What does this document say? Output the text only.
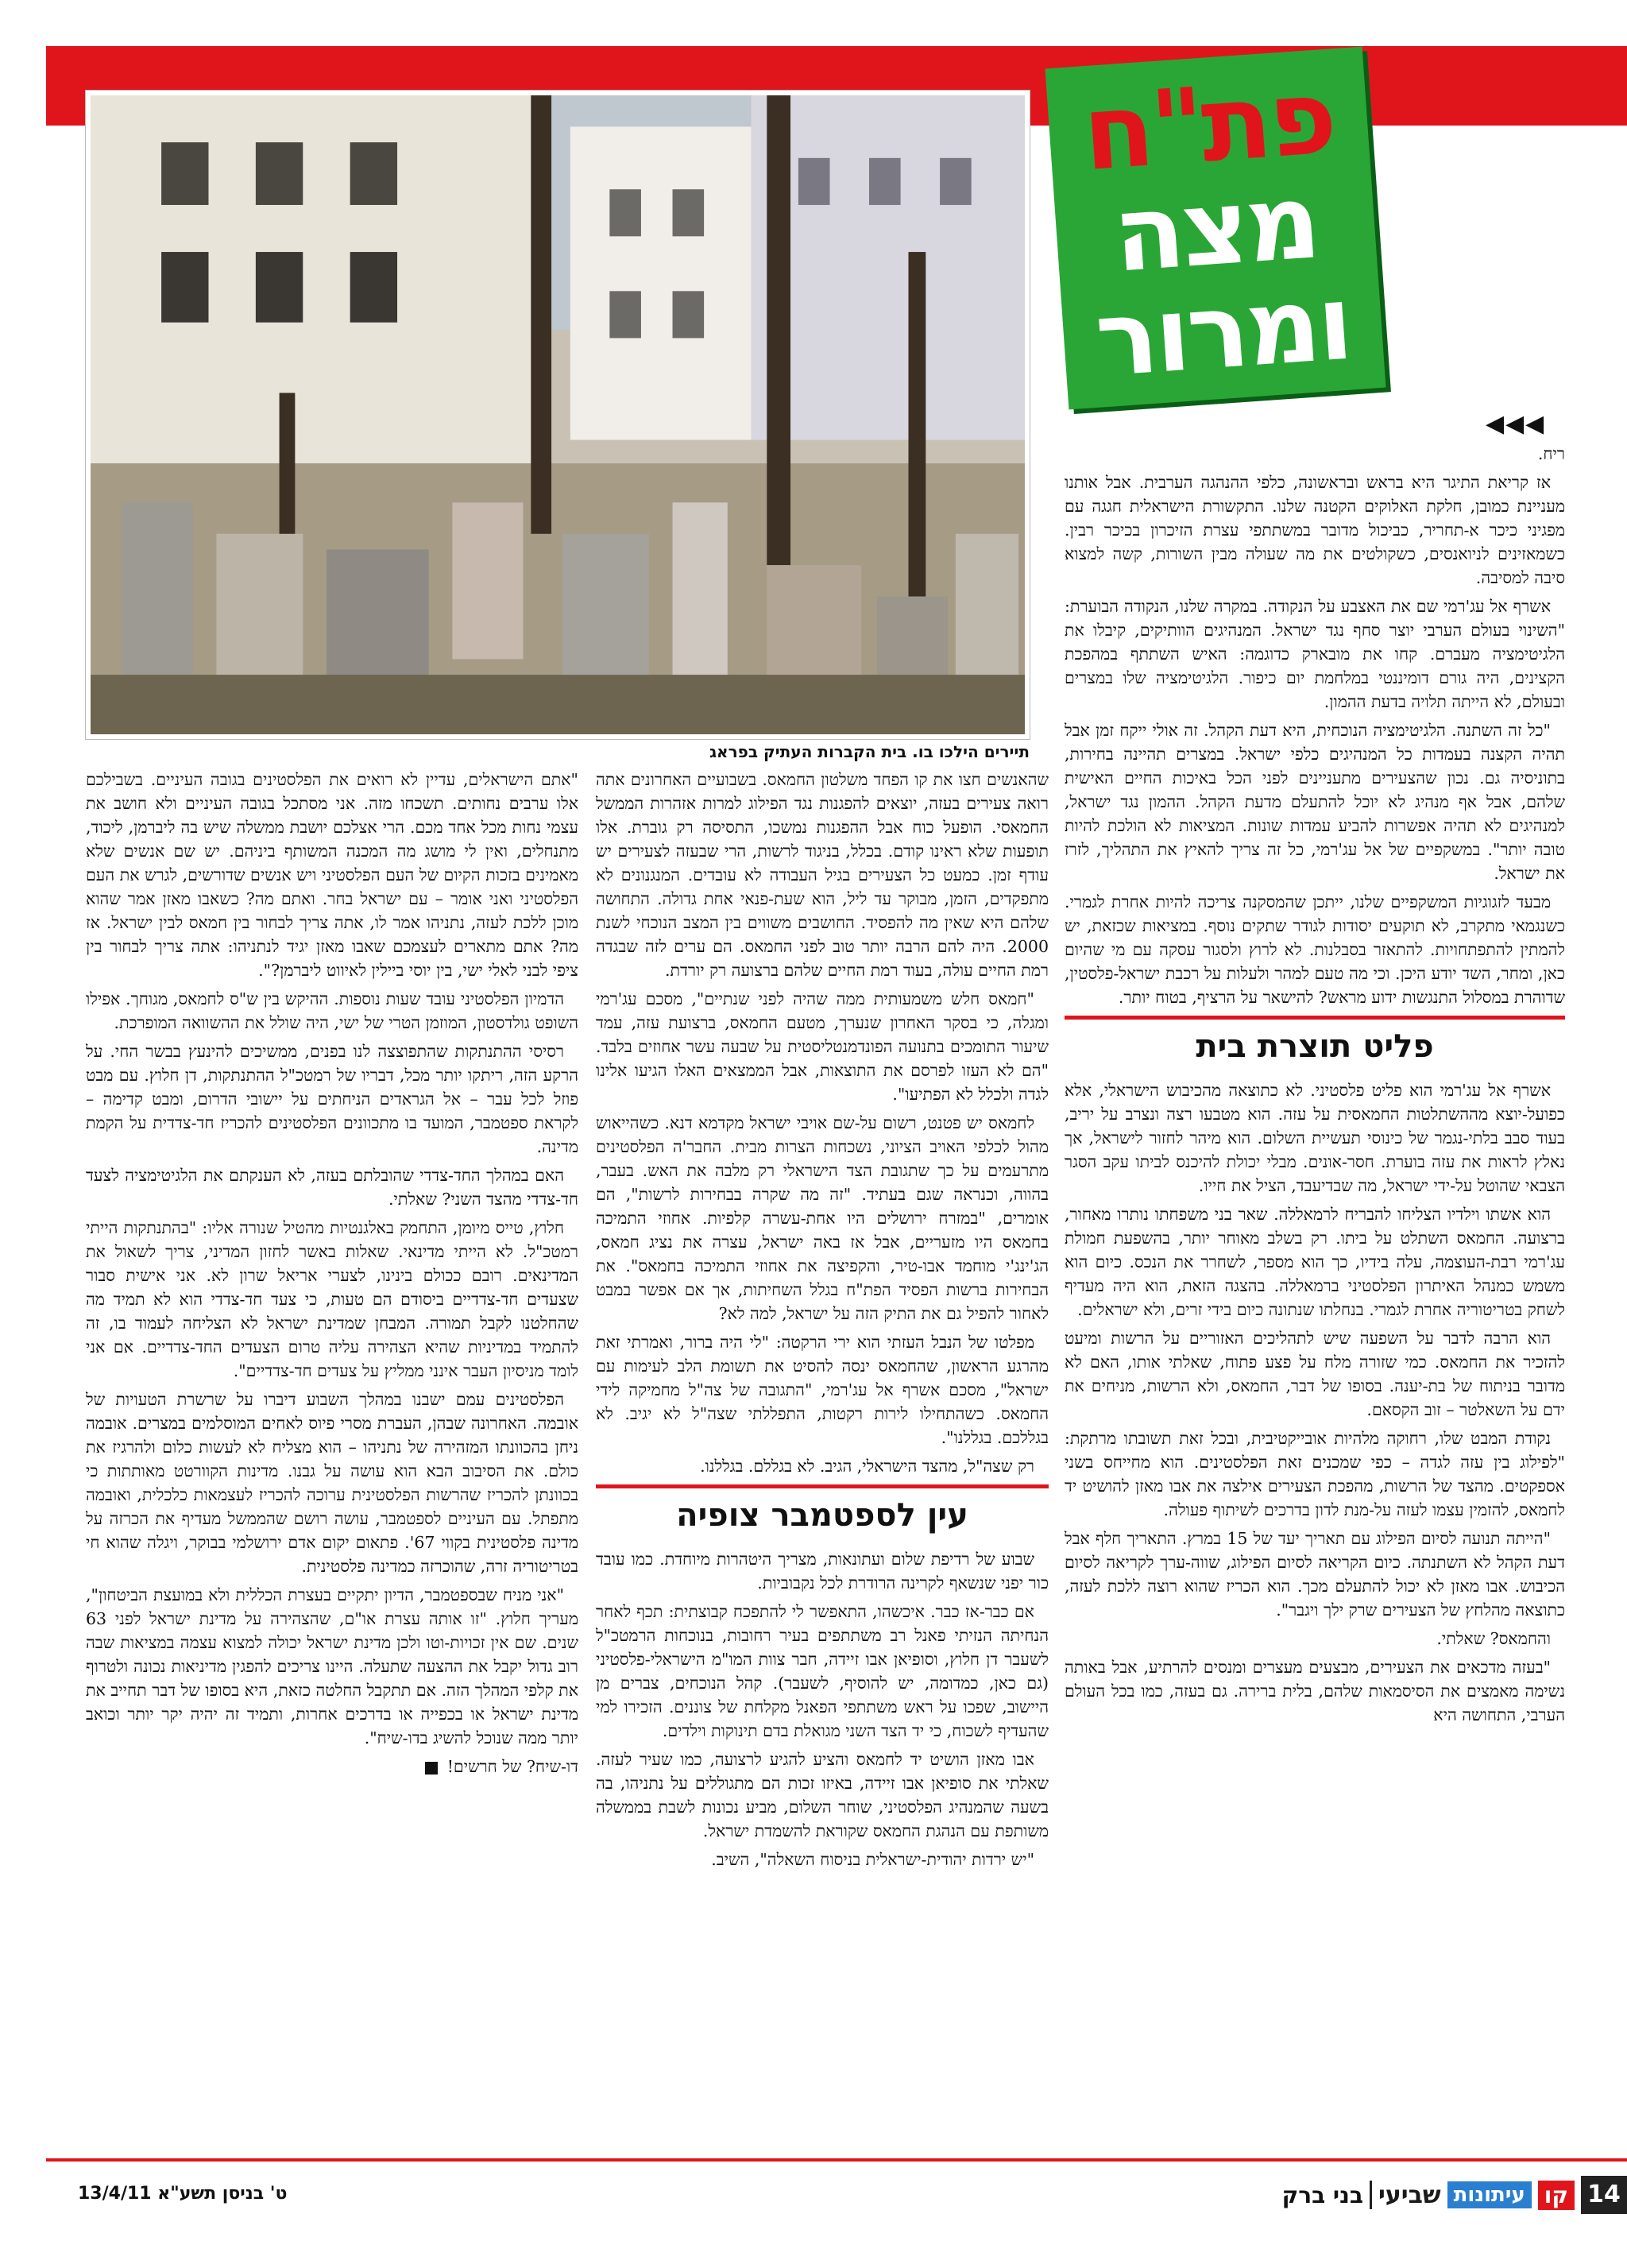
תיירים הילכו בו. בית הקברות העתיק בפראג
פת"ח
מצה
ומרור
◀◀◀

ריח.

אז קריאת התיגר היא בראש ובראשונה, כלפי ההנהגה הערבית. אבל אותנו מעניינת כמובן, חלקת האלוקים הקטנה שלנו. התקשורת הישראלית חגגה עם מפגיני כיכר א-תחריר, כביכול מדובר במשתתפי עצרת הזיכרון בכיכר רבין. כשמאזינים לניואנסים, כשקולטים את מה שעולה מבין השורות, קשה למצוא סיבה למסיבה.

אשרף אל עג'רמי שם את האצבע על הנקודה. במקרה שלנו, הנקודה הבוערת: "השינוי בעולם הערבי יוצר סחף נגד ישראל. המנהיגים הוותיקים, קיבלו את הלגיטימציה מעברם. קחו את מובארק כדוגמה: האיש השתתף במהפכת הקצינים, היה גורם דומיננטי במלחמת יום כיפור. הלגיטימציה שלו במצרים ובעולם, לא הייתה תלויה בדעת ההמון.

"כל זה השתנה. הלגיטימציה הנוכחית, היא דעת הקהל. זה אולי ייקח זמן אבל תהיה הקצנה בעמדות כל המנהיגים כלפי ישראל. במצרים תהיינה בחירות, בתוניסיה גם. נכון שהצעירים מתעניינים לפני הכל באיכות החיים האישית שלהם, אבל אף מנהיג לא יוכל להתעלם מדעת הקהל. ההמון נגד ישראל, למנהיגים לא תהיה אפשרות להביע עמדות שונות. המציאות לא הולכת להיות טובה יותר". במשקפיים של אל עג'רמי, כל זה צריך להאיץ את התהליך, לזרז את ישראל.

מבעד לזגוגיות המשקפיים שלנו, ייתכן שהמסקנה צריכה להיות אחרת לגמרי. כשנגמאי מתקרב, לא תוקעים יסודות לגודר שתקים נוסף. במציאות שכזאת, יש להמתין להתפתחויות. להתאזר בסבלנות. לא לרוץ ולסגור עסקה עם מי שהיום כאן, ומחר, השד יודע היכן. וכי מה טעם למהר ולעלות על רכבת ישראל-פלסטין, שדוהרת במסלול התנגשות ידוע מראש? להישאר על הרציף, בטוח יותר.

פליט תוצרת בית

אשרף אל עג'רמי הוא פליט פלסטיני. לא כתוצאה מהכיבוש הישראלי, אלא כפועל-יוצא מההשתלטות החמאסית על עזה. הוא מטבעו רצה ונצרב על יריב, בעוד סבב בלתי-נגמר של כינוסי תעשיית השלום. הוא מיהר לחזור לישראל, אך נאלץ לראות את עזה בוערת. חסר-אונים. מבלי יכולת להיכנס לביתו עקב הסגר הצבאי שהוטל על-ידי ישראל, מה שבדיעבד, הציל את חייו.

הוא אשתו וילדיו הצליחו להבריח לרמאללה. שאר בני משפחתו נותרו מאחור, ברצועה. החמאס השתלט על ביתו. רק בשלב מאוחר יותר, בהשפעת חמולת עג'רמי רבת-העוצמה, עלה בידיו, כך הוא מספר, לשחרר את הנכס. כיום הוא משמש כמנהל האיתרון הפלסטיני ברמאללה. בהצגה הזאת, הוא היה מעדיף לשחק בטריטוריה אחרת לגמרי. בנחלתו שנתונה כיום בידי זרים, ולא ישראלים.

הוא הרבה לדבר על השפעה שיש לתהליכים האזוריים על הרשות ומיעט להזכיר את החמאס. כמי שזורה מלח על פצע פתוח, שאלתי אותו, האם לא מדובר בניתוח של בת-יענה. בסופו של דבר, החמאס, ולא הרשות, מניחים את ידם על השאלטר – זוב הקסאם.

נקודת המבט שלו, רחוקה מלהיות אובייקטיבית, ובכל זאת תשובתו מרתקת: "לפילוג בין עזה לגדה – כפי שמכנים זאת הפלסטינים. הוא מחייחס בשני אספקטים. מהצד של הרשות, מהפכת הצעירים אילצה את אבו מאזן להושיט יד לחמאס, להזמין עצמו לעזה על-מנת לדון בדרכים לשיתוף פעולה.

"הייתה תנועה לסיום הפילוג עם תאריך יעד של 15 במרץ. התאריך חלף אבל דעת הקהל לא השתנתה. כיום הקריאה לסיום הפילוג, שווה-ערך לקריאה לסיום הכיבוש. אבו מאזן לא יכול להתעלם מכך. הוא הכריז שהוא רוצה ללכת לעזה, כתוצאה מהלחץ של הצעירים שרק ילך ויגבר".

והחמאס? שאלתי.

"בעזה מדכאים את הצעירים, מבצעים מעצרים ומנסים להרתיע, אבל באותה נשימה מאמצים את הסיסמאות שלהם, בלית ברירה. גם בעזה, כמו בכל העולם הערבי, התחושה היא

שהאנשים חצו את קו הפחד משלטון החמאס. בשבועיים האחרונים אתה רואה צעירים בעזה, יוצאים להפגנות נגד הפילוג למרות אזהרות הממשל החמאסי. הופעל כוח אבל ההפגנות נמשכו, התסיסה רק גוברת. אלו תופעות שלא ראינו קודם. בכלל, בניגוד לרשות, הרי שבעזה לצעירים יש עודף זמן. כמעט כל הצעירים בגיל העבודה לא עובדים. המנגנונים לא מתפקדים, הזמן, מבוקר עד ליל, הוא שעת-פנאי אחת גדולה. התחושה שלהם היא שאין מה להפסיד. החושבים משווים בין המצב הנוכחי לשנת 2000. היה להם הרבה יותר טוב לפני החמאס. הם ערים לזה שבגדה רמת החיים עולה, בעוד רמת החיים שלהם ברצועה רק יורדת.

"חמאס חלש משמעותית ממה שהיה לפני שנתיים", מסכם עג'רמי ומגלה, כי בסקר האחרון שנערך, מטעם החמאס, ברצועת עזה, עמד שיעור התומכים בתנועה הפונדמנטליסטית על שבעה עשר אחוזים בלבד. "הם לא העזו לפרסם את התוצאות, אבל הממצאים האלו הגיעו אלינו לגדה ולכלל לא הפתיעו".

לחמאס יש פטנט, רשום על-שם אויבי ישראל מקדמא דנא. כשהייאוש מהול לכלפי האויב הציוני, נשכחות הצרות מבית. החבר'ה הפלסטינים מתרעמים על כך שתגובת הצד הישראלי רק מלבה את האש. בעבר, בהווה, וכנראה שגם בעתיד. "זה מה שקרה בבחירות לרשות", הם אומרים, "במזרח ירושלים היו אחת-עשרה קלפיות. אחוזי התמיכה בחמאס היו מזעריים, אבל אז באה ישראל, עצרה את נציג חמאס, הג'ינג'י מוחמד אבו-טיר, והקפיצה את אחוזי התמיכה בחמאס". את הבחירות ברשות הפסיד הפת"ח בגלל השחיתות, אך אם אפשר במבט לאחור להפיל גם את התיק הזה על ישראל, למה לא?

מפלטו של הנבל העזתי הוא ירי הרקטה: "לי היה ברור, ואמרתי זאת מהרגע הראשון, שהחמאס ינסה להסיט את תשומת הלב לעימות עם ישראל", מסכם אשרף אל עג'רמי, "התגובה של צה"ל מחמיקה לידי החמאס. כשהתחילו לירות רקטות, התפללתי שצה"ל לא יגיב. לא בגללכם. בגללנו".

רק שצה"ל, מהצד הישראלי, הגיב. לא בגללם. בגללנו.

עין לספטמבר צופיה

שבוע של רדיפת שלום ועתונאות, מצריך היטהרות מיוחדת. כמו עובד כור יפני שנשאף לקרינה הרודרת לכל נקבוביות.

אם כבר-אז כבר. איכשהו, התאפשר לי להתפכח קבוצתית: תכף לאחר הנחיתה הנזיתי פאנל רב משתתפים בעיר רחובות, בנוכחות הרמטכ"ל לשעבר דן חלוץ, וסופיאן אבו זיידה, חבר צוות המו"מ הישראלי-פלסטיני (גם כאן, כמדומה, יש להוסיף, לשעבר). קהל הנוכחים, צברים מן היישוב, שפכו על ראש משתתפי הפאנל מקלחת של צוננים. הזכירו למי שהעדיף לשכוח, כי יד הצד השני מגואלת בדם תינוקות וילדים.

אבו מאזן הושיט יד לחמאס והציע להגיע לרצועה, כמו שעיר לעזה. שאלתי את סופיאן אבו זיידה, באיזו זכות הם מתגוללים על נתניהו, בה בשעה שהמנהיג הפלסטיני, שוחר השלום, מביע נכונות לשבת בממשלה משותפת עם הנהגת החמאס שקוראת להשמדת ישראל.

"יש ירדות יהודית-ישראלית בניסוח השאלה", השיב.

"אתם הישראלים, עדיין לא רואים את הפלסטינים בגובה העיניים. בשבילכם אלו ערבים נחותים. תשכחו מזה. אני מסתכל בגובה העיניים ולא חושב את עצמי נחות מכל אחד מכם. הרי אצלכם יושבת ממשלה שיש בה ליברמן, ליכוד, מתנחלים, ואין לי מושג מה המכנה המשותף ביניהם. יש שם אנשים שלא מאמינים בזכות הקיום של העם הפלסטיני ויש אנשים שדורשים, לגרש את העם הפלסטיני ואני אומר – עם ישראל בחר. ואתם מה? כשאבו מאזן אמר שהוא מוכן ללכת לעזה, נתניהו אמר לו, אתה צריך לבחור בין חמאס לבין ישראל. אז מה? אתם מתארים לעצמכם שאבו מאזן יגיד לנתניהו: אתה צריך לבחור בין ציפי לבני לאלי ישי, בין יוסי ביילין לאיווט ליברמן?".

הדמיון הפלסטיני עובד שעות נוספות. ההיקש בין ש"ס לחמאס, מגוחך. אפילו השופט גולדסטון, המוזמן הטרי של ישי, היה שולל את ההשוואה המופרכת.

רסיסי ההתנתקות שהתפוצצה לנו בפנים, ממשיכים להינעץ בבשר החי. על הרקע הזה, ריתקו יותר מכל, דבריו של רמטכ"ל ההתנתקות, דן חלוץ. עם מבט פוזל לכל עבר – אל הגראדים הניחתים על יישובי הדרום, ומבט קדימה – לקראת ספטמבר, המועד בו מתכוונים הפלסטינים להכריז חד-צדדית על הקמת מדינה.

האם במהלך החד-צדדי שהובלתם בעזה, לא הענקתם את הלגיטימציה לצעד חד-צדדי מהצד השני? שאלתי.

חלוץ, טייס מיומן, התחמק באלגנטיות מהטיל שנורה אליו: "בהתנתקות הייתי רמטכ"ל. לא הייתי מדינאי. שאלות באשר לחזון המדיני, צריך לשאול את המדינאים. רובם ככולם בינינו, לצערי אריאל שרון לא. אני אישית סבור שצעדים חד-צדדיים ביסודם הם טעות, כי צעד חד-צדדי הוא לא תמיד מה שהחלטנו לקבל תמורה. המבחן שמדינת ישראל לא הצליחה לעמוד בו, זה להתמיד במדיניות שהיא הצהירה עליה טרום הצעדים החד-צדדיים. אם אני לומד מניסיון העבר אינני ממליץ על צעדים חד-צדדיים".

הפלסטינים עמם ישבנו במהלך השבוע דיברו על שרשרת הטעויות של אובמה. האחרונה שבהן, העברת מסרי פיוס לאחים המוסלמים במצרים. אובמה ניחן בהכוונתו המזהירה של נתניהו – הוא מצליח לא לעשות כלום ולהרגיז את כולם. את הסיבוב הבא הוא עושה על גבנו. מדינות הקוורטט מאותתות כי בכוונתן להכריז שהרשות הפלסטינית ערוכה להכריז לעצמאות כלכלית, ואובמה מתפתל. עם העיניים לספטמבר, עושה רושם שהממשל מעדיף את הכרזה על מדינה פלסטינית בקווי 67'. פתאום יקום אדם ירושלמי בבוקר, ויגלה שהוא חי בטריטוריה זרה, שהוכרזה כמדינה פלסטינית.

"אני מניח שבספטמבר, הדיון יתקיים בעצרת הכללית ולא במועצת הביטחון", מעריך חלוץ. "זו אותה עצרת או"ם, שהצהירה על מדינת ישראל לפני 63 שנים. שם אין זכויות-וטו ולכן מדינת ישראל יכולה למצוא עצמה במציאות שבה רוב גדול יקבל את ההצעה שתעלה. היינו צריכים להפגין מדיניאות נכונה ולטרוף את קלפי המהלך הזה. אם תתקבל החלטה כזאת, היא בסופו של דבר תחייב את מדינת ישראל או בכפייה או בדרכים אחרות, ותמיד זה יהיה יקר יותר וכואב יותר ממה שנוכל להשיג בדו-שיח".

דו-שיח? של חרשים!

ט' בניסן תשע"א 13/4/11	קו
עיתונות
שביעי
בני ברק	14
